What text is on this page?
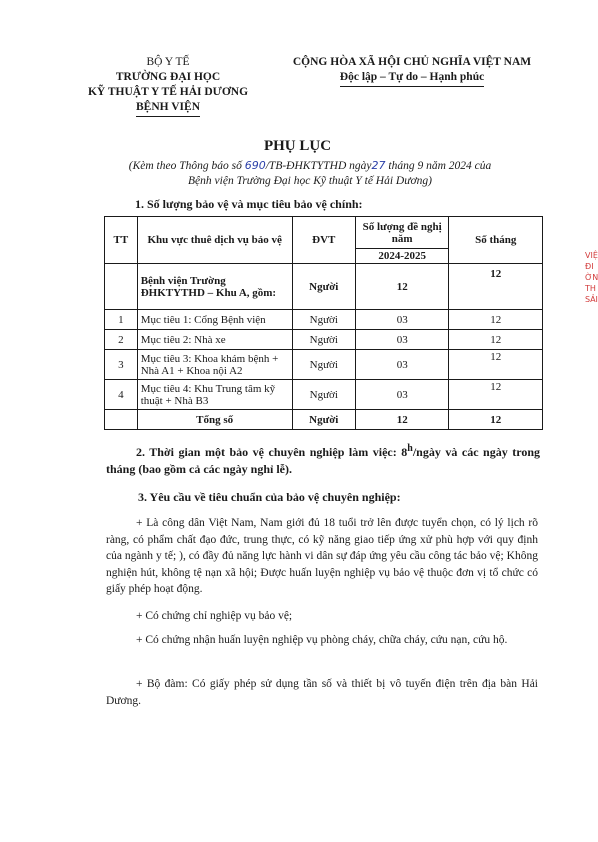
BỘ Y TẾ
TRƯỜNG ĐẠI HỌC
KỸ THUẬT Y TẾ HẢI DƯƠNG
BỆNH VIỆN
CỘNG HÒA XÃ HỘI CHỦ NGHĨA VIỆT NAM
Độc lập – Tự do – Hạnh phúc
PHỤ LỤC
(Kèm theo Thông báo số 690/TB-ĐHKTYTHD ngày27 tháng 9 năm 2024 của
Bệnh viện Trường Đại học Kỹ thuật Y tế Hải Dương)
1. Số lượng bảo vệ và mục tiêu bảo vệ chính:
TT	Khu vực thuê dịch vụ bảo vệ	ĐVT	Số lượng đề nghị năm	Số tháng
			2024-2025	
	Bệnh viện Trường ĐHKTYTHD – Khu A, gồm:	Người	12	12
1	Mục tiêu 1: Cổng Bệnh viện	Người	03	12
2	Mục tiêu 2: Nhà xe	Người	03	12
3	Mục tiêu 3: Khoa khám bệnh + Nhà A1 + Khoa nội A2	Người	03	12
4	Mục tiêu 4: Khu Trung tâm kỹ thuật + Nhà B3	Người	03	12
	Tổng số	Người	12	12
2. Thời gian một bảo vệ chuyên nghiệp làm việc: 8$^h$/ngày và các ngày trong tháng (bao gồm cả các ngày nghỉ lễ).
3. Yêu cầu về tiêu chuẩn của bảo vệ chuyên nghiệp:
+ Là công dân Việt Nam, Nam giới đủ 18 tuổi trở lên được tuyển chọn, có lý lịch rõ ràng, có phẩm chất đạo đức, trung thực, có kỹ năng giao tiếp ứng xử phù hợp với quy định của ngành y tế; ), có đầy đủ năng lực hành vi dân sự đáp ứng yêu cầu công tác bảo vệ; Không nghiện hút, không tệ nạn xã hội; Được huấn luyện nghiệp vụ bảo vệ thuộc đơn vị tổ chức có giấy phép hoạt động.
+ Có chứng chỉ nghiệp vụ bảo vệ;
+ Có chứng nhận huấn luyện nghiệp vụ phòng cháy, chữa cháy, cứu nạn, cứu hộ.
+ Bộ đàm: Có giấy phép sử dụng tần số và thiết bị vô tuyến điện trên địa bàn Hải Dương.
VIỆ ĐI ỜN TH SẢI
